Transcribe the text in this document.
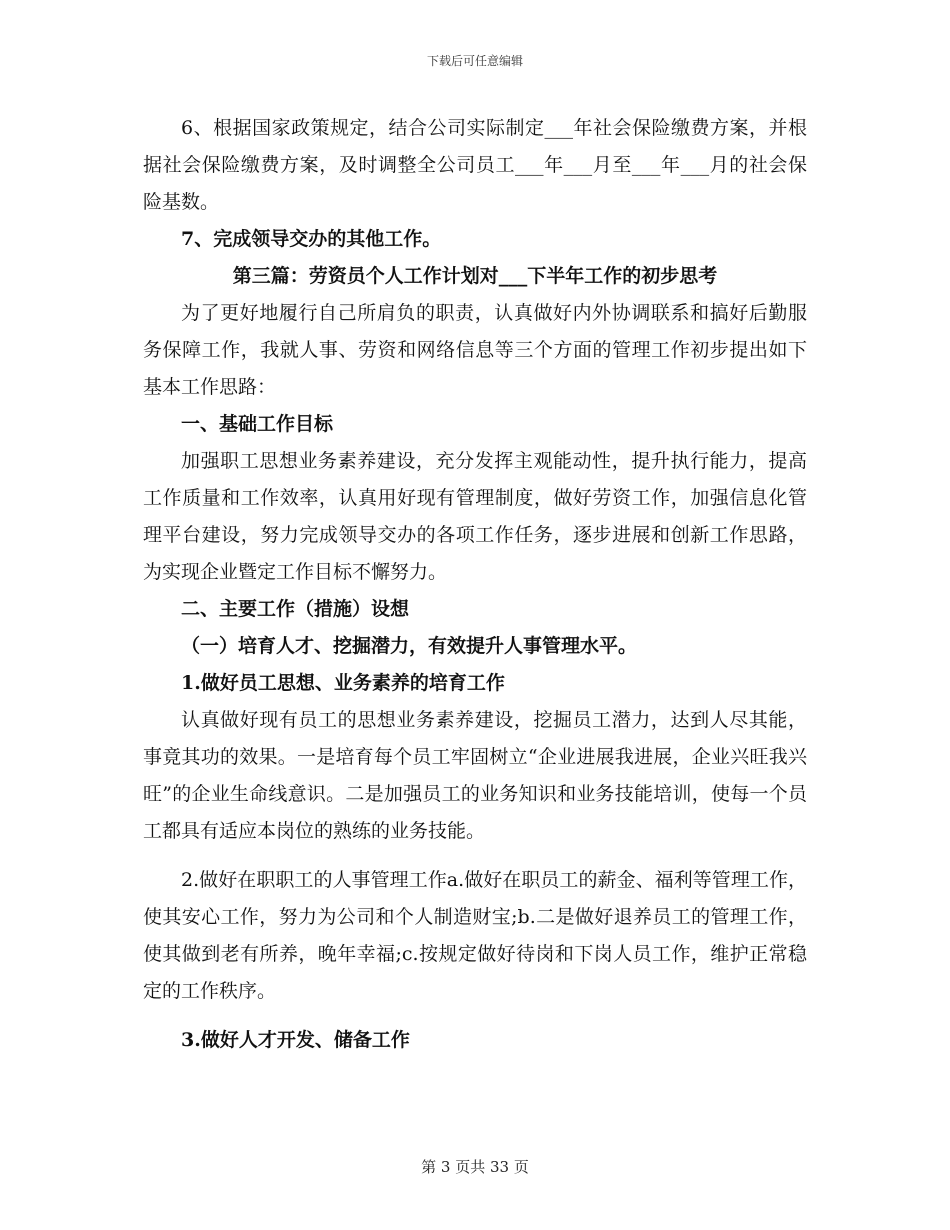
下载后可任意编辑

6、根据国家政策规定，结合公司实际制定___年社会保险缴费方案，并根据社会保险缴费方案，及时调整全公司员工___年___月至___年___月的社会保险基数。

7、完成领导交办的其他工作。

第三篇：劳资员个人工作计划对___下半年工作的初步思考

为了更好地履行自己所肩负的职责，认真做好内外协调联系和搞好后勤服务保障工作，我就人事、劳资和网络信息等三个方面的管理工作初步提出如下基本工作思路：

一、基础工作目标

加强职工思想业务素养建设，充分发挥主观能动性，提升执行能力，提高工作质量和工作效率，认真用好现有管理制度，做好劳资工作，加强信息化管理平台建设，努力完成领导交办的各项工作任务，逐步进展和创新工作思路，为实现企业暨定工作目标不懈努力。

二、主要工作（措施）设想

（一）培育人才、挖掘潜力，有效提升人事管理水平。

1.做好员工思想、业务素养的培育工作

认真做好现有员工的思想业务素养建设，挖掘员工潜力，达到人尽其能，事竟其功的效果。一是培育每个员工牢固树立“企业进展我进展，企业兴旺我兴旺”的企业生命线意识。二是加强员工的业务知识和业务技能培训，使每一个员工都具有适应本岗位的熟练的业务技能。

2.做好在职职工的人事管理工作a.做好在职员工的薪金、福利等管理工作，使其安心工作，努力为公司和个人制造财宝;b.二是做好退养员工的管理工作，使其做到老有所养，晚年幸福;c.按规定做好待岗和下岗人员工作，维护正常稳定的工作秩序。

3.做好人才开发、储备工作

第 3 页共 33 页
